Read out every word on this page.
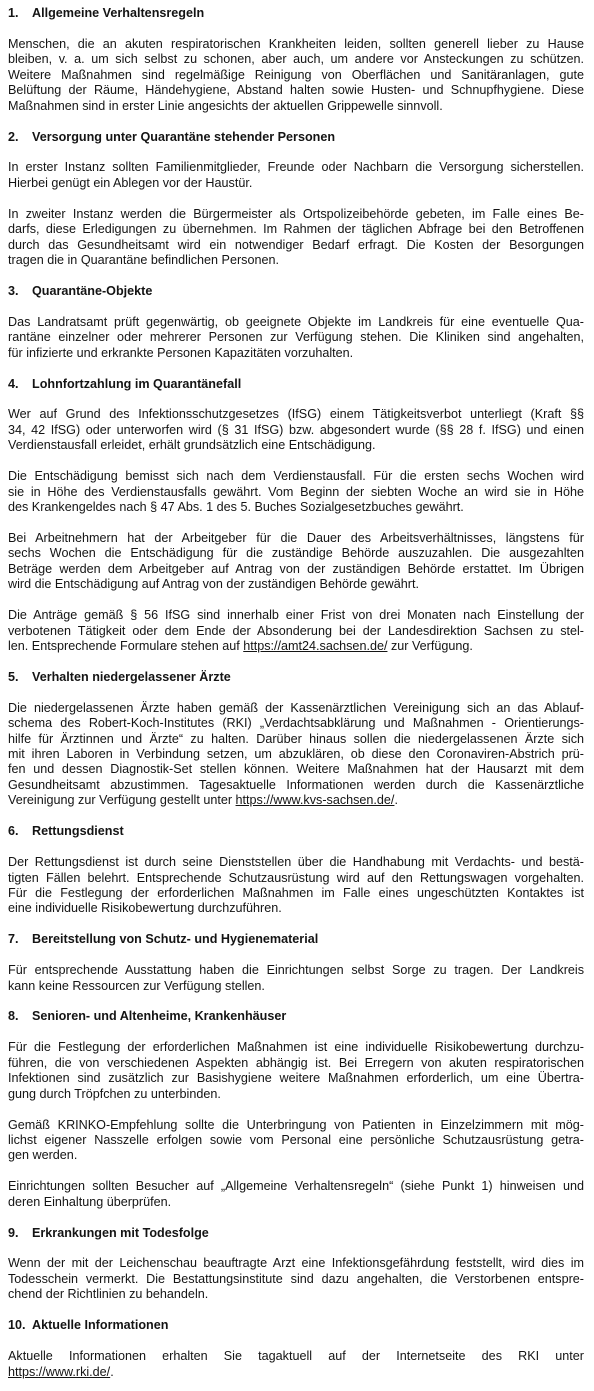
1. Allgemeine Verhaltensregeln
Menschen, die an akuten respiratorischen Krankheiten leiden, sollten generell lieber zu Hause
bleiben, v. a. um sich selbst zu schonen, aber auch, um andere vor Ansteckungen zu schützen.
Weitere Maßnahmen sind regelmäßige Reinigung von Oberflächen und Sanitäranlagen, gute
Belüftung der Räume, Händehygiene, Abstand halten sowie Husten- und Schnupfhygiene. Diese
Maßnahmen sind in erster Linie angesichts der aktuellen Grippewelle sinnvoll.
2. Versorgung unter Quarantäne stehender Personen
In erster Instanz sollten Familienmitglieder, Freunde oder Nachbarn die Versorgung sicherstellen.
Hierbei genügt ein Ablegen vor der Haustür.
In zweiter Instanz werden die Bürgermeister als Ortspolizeibehörde gebeten, im Falle eines Be-
darfs, diese Erledigungen zu übernehmen. Im Rahmen der täglichen Abfrage bei den Betroffenen
durch das Gesundheitsamt wird ein notwendiger Bedarf erfragt. Die Kosten der Besorgungen
tragen die in Quarantäne befindlichen Personen.
3. Quarantäne-Objekte
Das Landratsamt prüft gegenwärtig, ob geeignete Objekte im Landkreis für eine eventuelle Qua-
rantäne einzelner oder mehrerer Personen zur Verfügung stehen. Die Kliniken sind angehalten,
für infizierte und erkrankte Personen Kapazitäten vorzuhalten.
4. Lohnfortzahlung im Quarantänefall
Wer auf Grund des Infektionsschutzgesetzes (IfSG) einem Tätigkeitsverbot unterliegt (Kraft §§
34, 42 IfSG) oder unterworfen wird (§ 31 IfSG) bzw. abgesondert wurde (§§ 28 f. IfSG) und einen
Verdienstausfall erleidet, erhält grundsätzlich eine Entschädigung.
Die Entschädigung bemisst sich nach dem Verdienstausfall. Für die ersten sechs Wochen wird
sie in Höhe des Verdienstausfalls gewährt. Vom Beginn der siebten Woche an wird sie in Höhe
des Krankengeldes nach § 47 Abs. 1 des 5. Buches Sozialgesetzbuches gewährt.
Bei Arbeitnehmern hat der Arbeitgeber für die Dauer des Arbeitsverhältnisses, längstens für
sechs Wochen die Entschädigung für die zuständige Behörde auszuzahlen. Die ausgezahlten
Beträge werden dem Arbeitgeber auf Antrag von der zuständigen Behörde erstattet. Im Übrigen
wird die Entschädigung auf Antrag von der zuständigen Behörde gewährt.
Die Anträge gemäß § 56 IfSG sind innerhalb einer Frist von drei Monaten nach Einstellung der
verbotenen Tätigkeit oder dem Ende der Absonderung bei der Landesdirektion Sachsen zu stel-
len. Entsprechende Formulare stehen auf https://amt24.sachsen.de/ zur Verfügung.
5. Verhalten niedergelassener Ärzte
Die niedergelassenen Ärzte haben gemäß der Kassenärztlichen Vereinigung sich an das Ablauf-
schema des Robert-Koch-Institutes (RKI) „Verdachtsabklärung und Maßnahmen - Orientierungs-
hilfe für Ärztinnen und Ärzte“ zu halten. Darüber hinaus sollen die niedergelassenen Ärzte sich
mit ihren Laboren in Verbindung setzen, um abzuklären, ob diese den Coronaviren-Abstrich prü-
fen und dessen Diagnostik-Set stellen können. Weitere Maßnahmen hat der Hausarzt mit dem
Gesundheitsamt abzustimmen. Tagesaktuelle Informationen werden durch die Kassenärztliche
Vereinigung zur Verfügung gestellt unter https://www.kvs-sachsen.de/.
6. Rettungsdienst
Der Rettungsdienst ist durch seine Dienststellen über die Handhabung mit Verdachts- und bestä-
tigten Fällen belehrt. Entsprechende Schutzausrüstung wird auf den Rettungswagen vorgehalten.
Für die Festlegung der erforderlichen Maßnahmen im Falle eines ungeschützten Kontaktes ist
eine individuelle Risikobewertung durchzuführen.
7. Bereitstellung von Schutz- und Hygienematerial
Für entsprechende Ausstattung haben die Einrichtungen selbst Sorge zu tragen. Der Landkreis
kann keine Ressourcen zur Verfügung stellen.
8. Senioren- und Altenheime, Krankenhäuser
Für die Festlegung der erforderlichen Maßnahmen ist eine individuelle Risikobewertung durchzu-
führen, die von verschiedenen Aspekten abhängig ist. Bei Erregern von akuten respiratorischen
Infektionen sind zusätzlich zur Basishygiene weitere Maßnahmen erforderlich, um eine Übertra-
gung durch Tröpfchen zu unterbinden.
Gemäß KRINKO-Empfehlung sollte die Unterbringung von Patienten in Einzelzimmern mit mög-
lichst eigener Nasszelle erfolgen sowie vom Personal eine persönliche Schutzausrüstung getra-
gen werden.
Einrichtungen sollten Besucher auf „Allgemeine Verhaltensregeln“ (siehe Punkt 1) hinweisen und
deren Einhaltung überprüfen.
9. Erkrankungen mit Todesfolge
Wenn der mit der Leichenschau beauftragte Arzt eine Infektionsgefährdung feststellt, wird dies im
Todesschein vermerkt. Die Bestattungsinstitute sind dazu angehalten, die Verstorbenen entspre-
chend der Richtlinien zu behandeln.
10. Aktuelle Informationen
Aktuelle Informationen erhalten Sie tagaktuell auf der Internetseite des RKI unter
https://www.rki.de/.
